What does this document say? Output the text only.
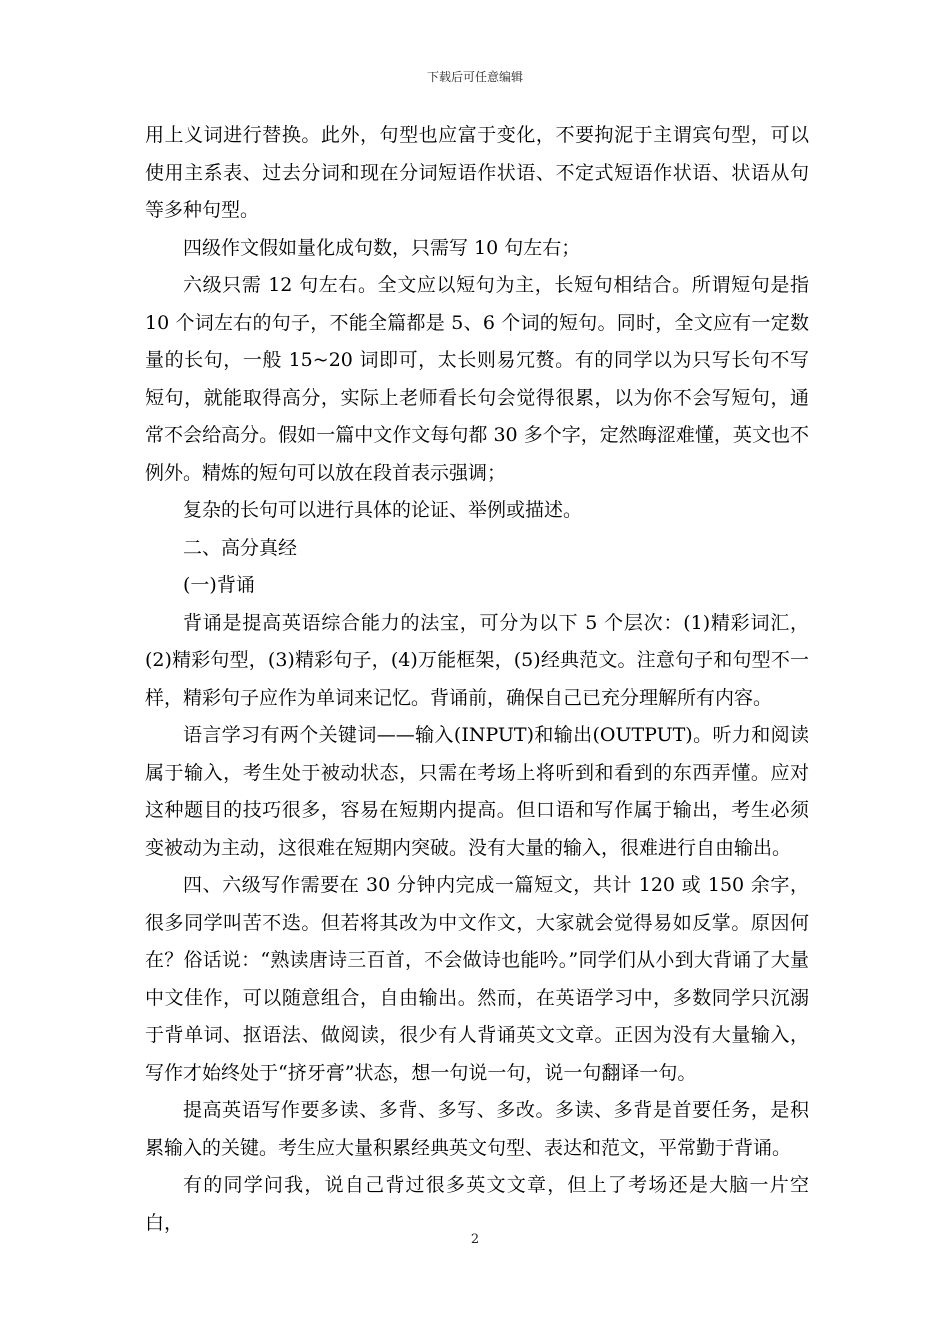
下载后可任意编辑

用上义词进行替换。此外，句型也应富于变化，不要拘泥于主谓宾句型，可以使用主系表、过去分词和现在分词短语作状语、不定式短语作状语、状语从句等多种句型。

四级作文假如量化成句数，只需写 10 句左右；

六级只需 12 句左右。全文应以短句为主，长短句相结合。所谓短句是指 10 个词左右的句子，不能全篇都是 5、6 个词的短句。同时，全文应有一定数量的长句，一般 15~20 词即可，太长则易冗赘。有的同学以为只写长句不写短句，就能取得高分，实际上老师看长句会觉得很累，以为你不会写短句，通常不会给高分。假如一篇中文作文每句都 30 多个字，定然晦涩难懂，英文也不例外。精炼的短句可以放在段首表示强调；

复杂的长句可以进行具体的论证、举例或描述。

二、高分真经

(一)背诵

背诵是提高英语综合能力的法宝，可分为以下 5 个层次：(1)精彩词汇，(2)精彩句型，(3)精彩句子，(4)万能框架，(5)经典范文。注意句子和句型不一样，精彩句子应作为单词来记忆。背诵前，确保自己已充分理解所有内容。

语言学习有两个关键词——输入(INPUT)和输出(OUTPUT)。听力和阅读属于输入，考生处于被动状态，只需在考场上将听到和看到的东西弄懂。应对这种题目的技巧很多，容易在短期内提高。但口语和写作属于输出，考生必须变被动为主动，这很难在短期内突破。没有大量的输入，很难进行自由输出。

四、六级写作需要在 30 分钟内完成一篇短文，共计 120 或 150 余字，很多同学叫苦不迭。但若将其改为中文作文，大家就会觉得易如反掌。原因何在？俗话说：“熟读唐诗三百首，不会做诗也能吟。”同学们从小到大背诵了大量中文佳作，可以随意组合，自由输出。然而，在英语学习中，多数同学只沉溺于背单词、抠语法、做阅读，很少有人背诵英文文章。正因为没有大量输入，写作才始终处于“挤牙膏”状态，想一句说一句，说一句翻译一句。

提高英语写作要多读、多背、多写、多改。多读、多背是首要任务，是积累输入的关键。考生应大量积累经典英文句型、表达和范文，平常勤于背诵。

有的同学问我，说自己背过很多英文文章，但上了考场还是大脑一片空白，

2
